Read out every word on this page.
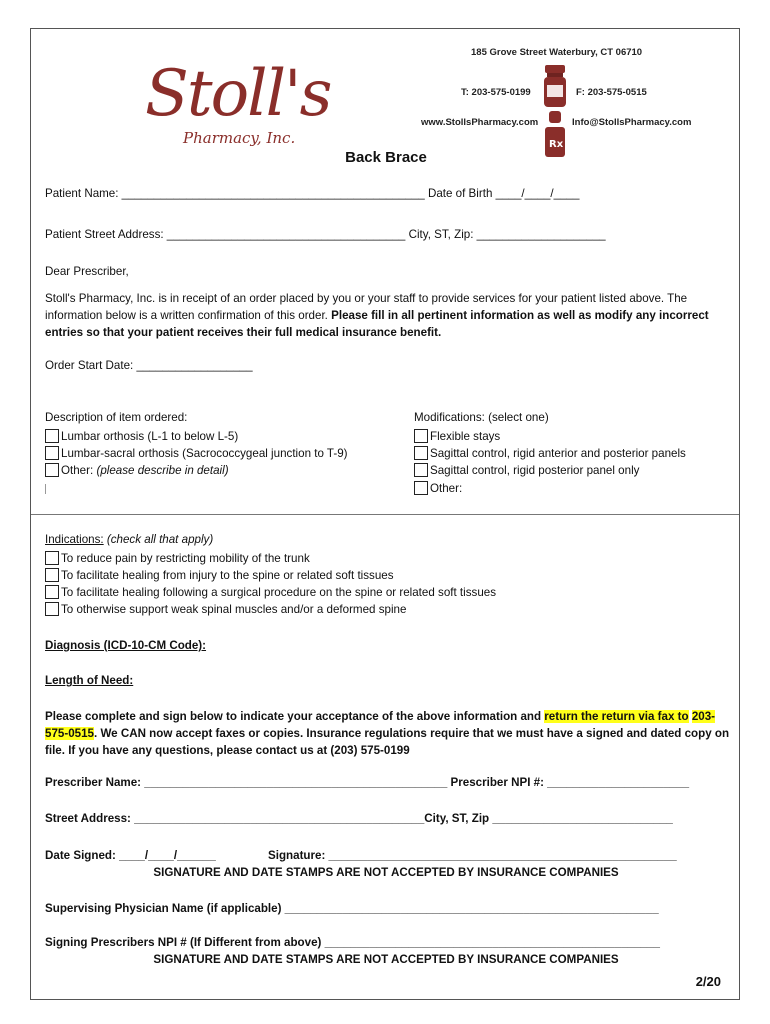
Stoll's
Pharmacy, Inc.
185 Grove Street Waterbury, CT 06710
T: 203-575-0199	F: 203-575-0515
www.StollsPharmacy.com	Info@StollsPharmacy.com
Rx
Back Brace
Patient Name: _______________________________________________ Date of Birth ____/____/____
Patient Street Address: _____________________________________ City, ST, Zip: ____________________
Dear Prescriber,
Stoll's Pharmacy, Inc. is in receipt of an order placed by you or your staff to provide services for your patient listed above. The information below is a written confirmation of this order. Please fill in all pertinent information as well as modify any incorrect entries so that your patient receives their full medical insurance benefit.
Order Start Date: __________________
Description of item ordered:
Lumbar orthosis (L-1 to below L-5)
Lumbar-sacral orthosis (Sacrococcygeal junction to T-9)
Other:
(please describe in detail)
Modifications: (select one)
Flexible stays
Sagittal control, rigid anterior and posterior panels
Sagittal control, rigid posterior panel only
Other:
Indications: (check all that apply)
To reduce pain by restricting mobility of the trunk
To facilitate healing from injury to the spine or related soft tissues
To facilitate healing following a surgical procedure on the spine or related soft tissues
To otherwise support weak spinal muscles and/or a deformed spine
Diagnosis (ICD-10-CM Code):
Length of Need:
Please complete and sign below to indicate your acceptance of the above information and return the return via fax to 203-575-0515. We CAN now accept faxes or copies. Insurance regulations require that we must have a signed and dated copy on file. If you have any questions, please contact us at (203) 575-0199
Prescriber Name: _______________________________________________ Prescriber NPI #: ______________________
Street Address: _____________________________________________City, ST, Zip ____________________________
Date Signed: ____/____/______	Signature: ______________________________________________________
SIGNATURE AND DATE STAMPS ARE NOT ACCEPTED BY INSURANCE COMPANIES
Supervising Physician Name (if applicable) __________________________________________________________
Signing Prescribers NPI # (If Different from above) ____________________________________________________
SIGNATURE AND DATE STAMPS ARE NOT ACCEPTED BY INSURANCE COMPANIES
2/20
